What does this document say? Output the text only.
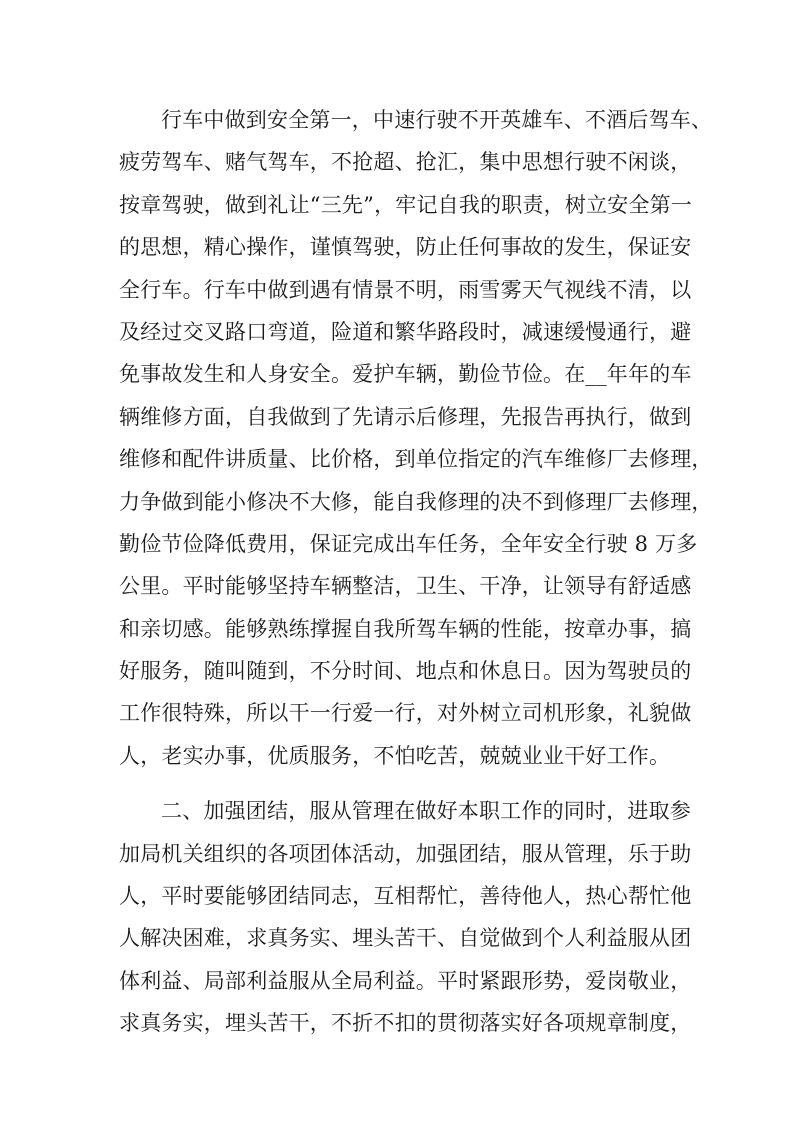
行车中做到安全第一，中速行驶不开英雄车、不酒后驾车、
疲劳驾车、赌气驾车，不抢超、抢汇，集中思想行驶不闲谈，
按章驾驶，做到礼让“三先”，牢记自我的职责，树立安全第一
的思想，精心操作，谨慎驾驶，防止任何事故的发生，保证安
全行车。行车中做到遇有情景不明，雨雪雾天气视线不清，以
及经过交叉路口弯道，险道和繁华路段时，减速缓慢通行，避
免事故发生和人身安全。爱护车辆，勤俭节俭。在__年年的车
辆维修方面，自我做到了先请示后修理，先报告再执行，做到
维修和配件讲质量、比价格，到单位指定的汽车维修厂去修理，
力争做到能小修决不大修，能自我修理的决不到修理厂去修理，
勤俭节俭降低费用，保证完成出车任务，全年安全行驶 8 万多
公里。平时能够坚持车辆整洁，卫生、干净，让领导有舒适感
和亲切感。能够熟练撑握自我所驾车辆的性能，按章办事，搞
好服务，随叫随到，不分时间、地点和休息日。因为驾驶员的
工作很特殊，所以干一行爱一行，对外树立司机形象，礼貌做
人，老实办事，优质服务，不怕吃苦，兢兢业业干好工作。
二、加强团结，服从管理在做好本职工作的同时，进取参
加局机关组织的各项团体活动，加强团结，服从管理，乐于助
人，平时要能够团结同志，互相帮忙，善待他人，热心帮忙他
人解决困难，求真务实、埋头苦干、自觉做到个人利益服从团
体利益、局部利益服从全局利益。平时紧跟形势，爱岗敬业，
求真务实，埋头苦干，不折不扣的贯彻落实好各项规章制度，
